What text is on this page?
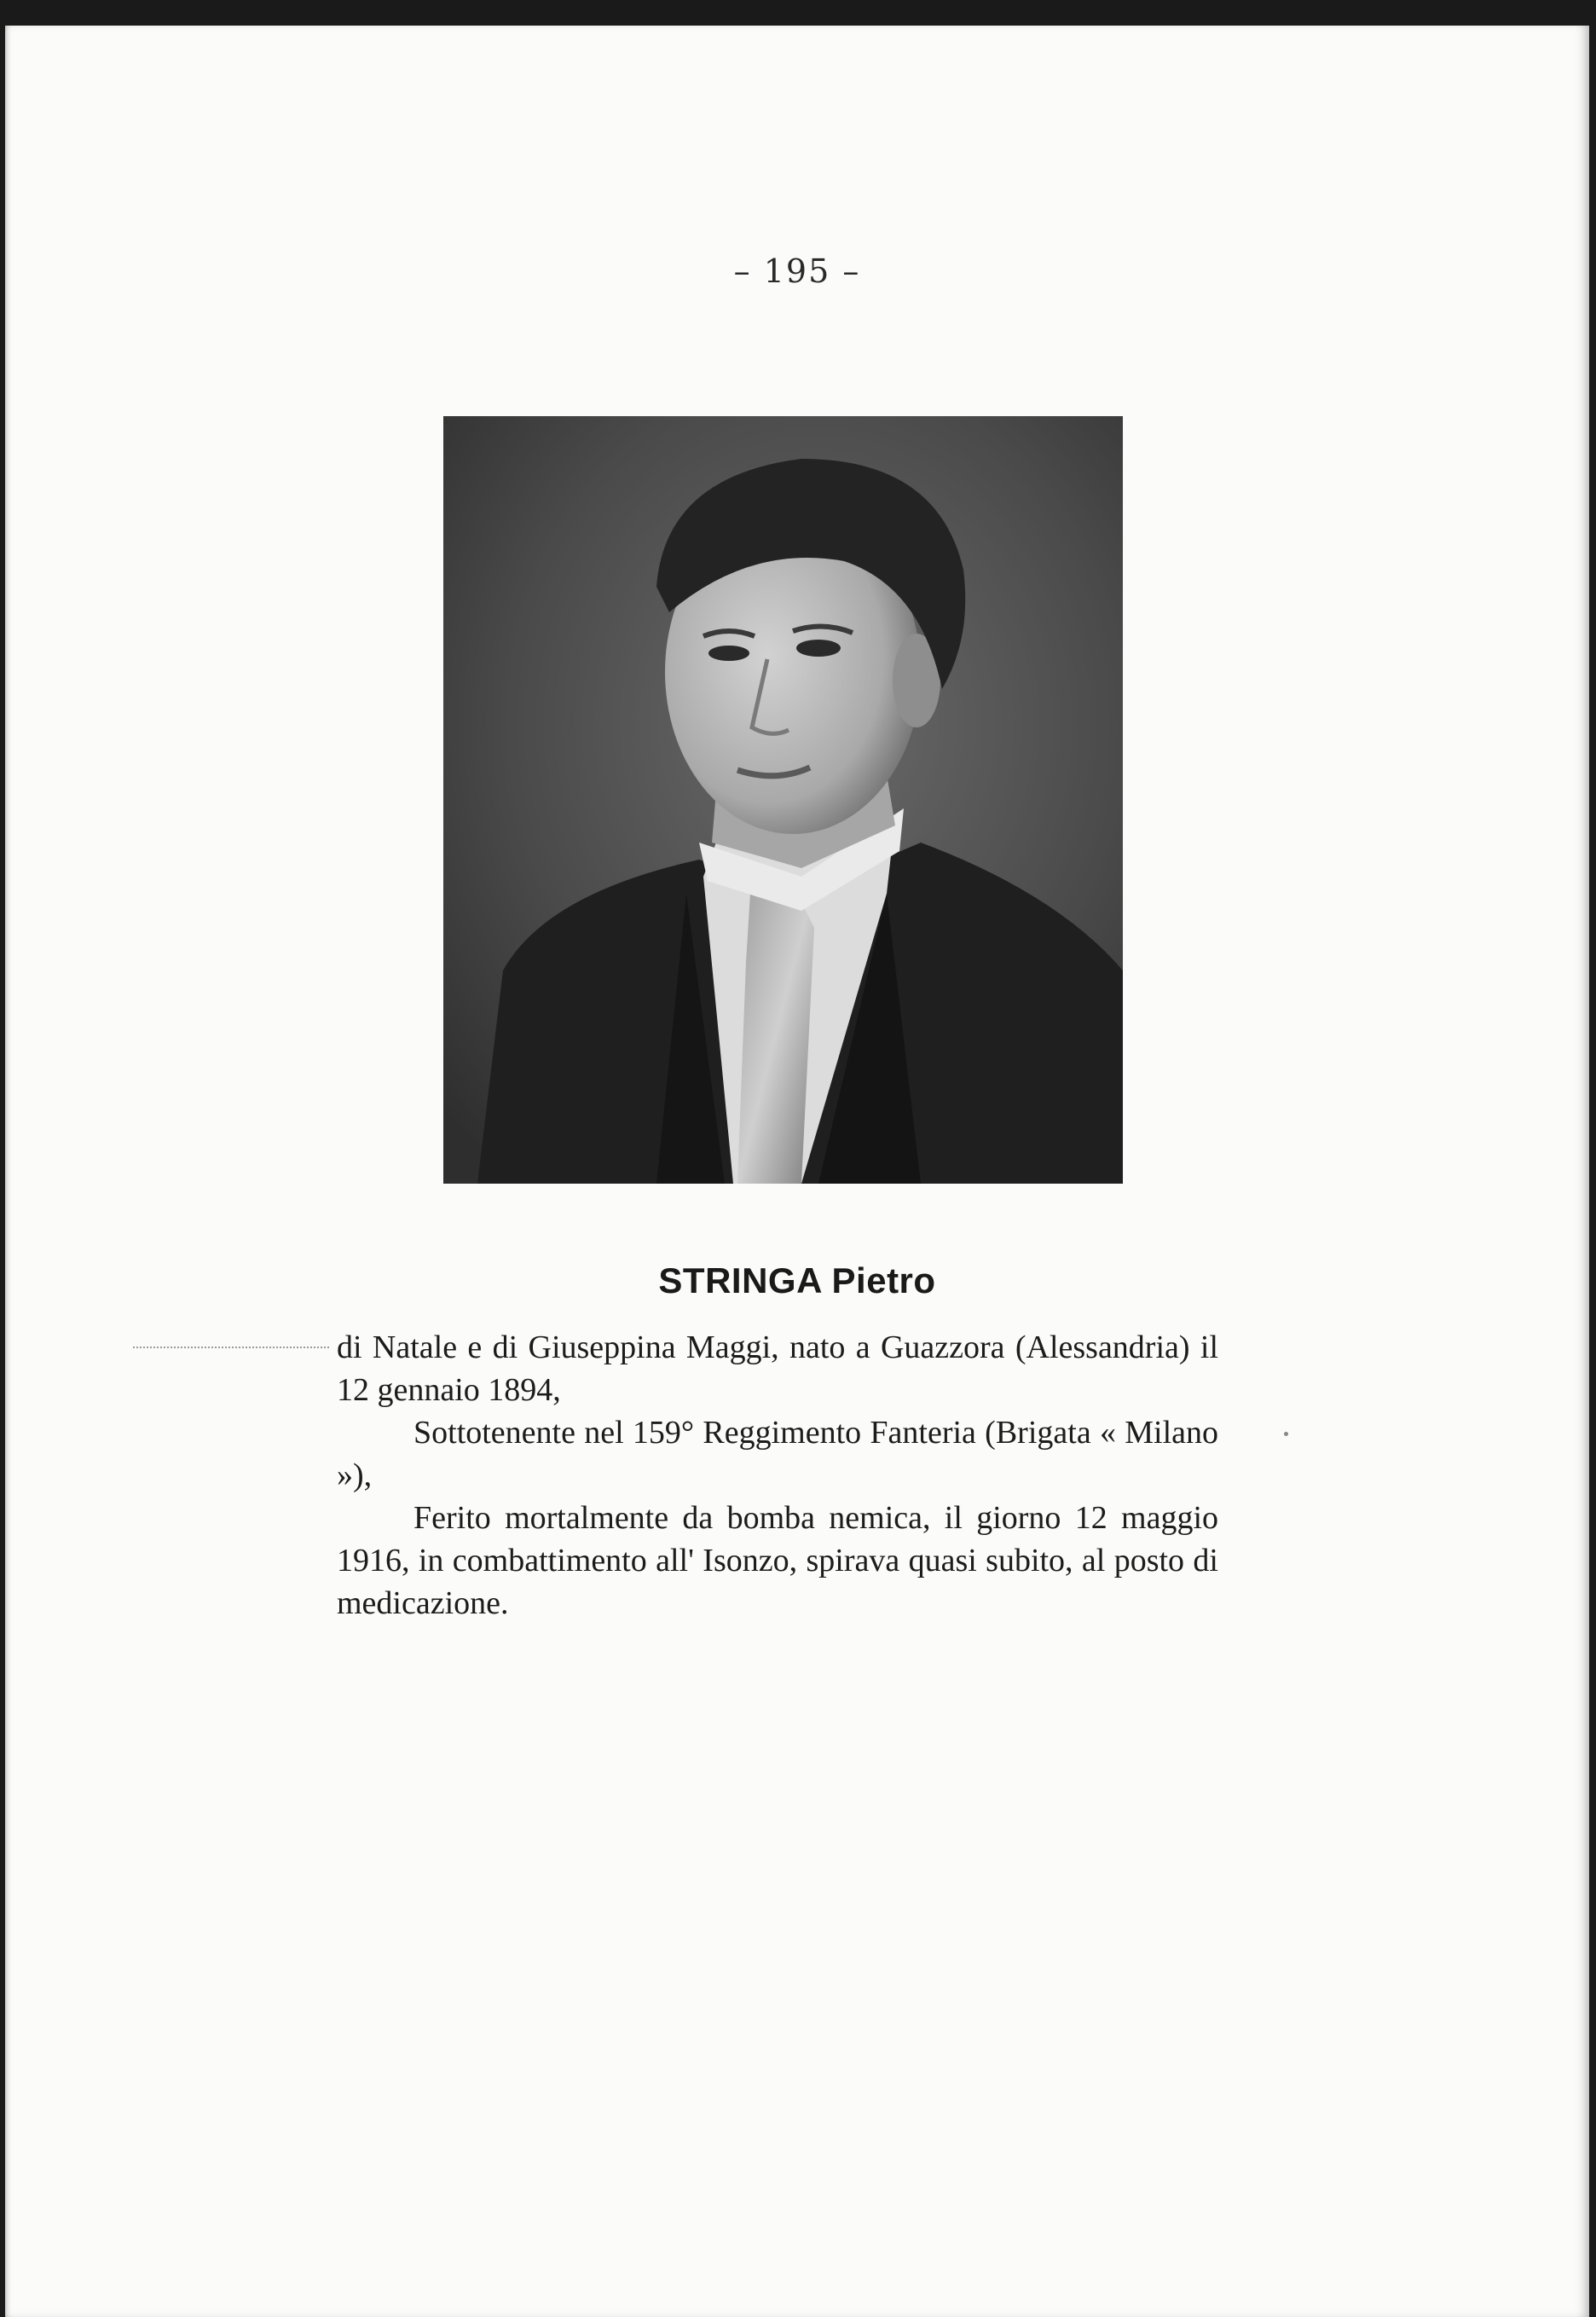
– 195 –
STRINGA Pietro

di Natale e di Giuseppina Maggi, nato a Guazzora (Alessandria) il 12 gennaio 1894,

Sottotenente nel 159° Reggimento Fanteria (Brigata « Milano »),

Ferito mortalmente da bomba nemica, il giorno 12 maggio 1916, in combattimento all' Isonzo, spirava quasi subito, al posto di medicazione.
